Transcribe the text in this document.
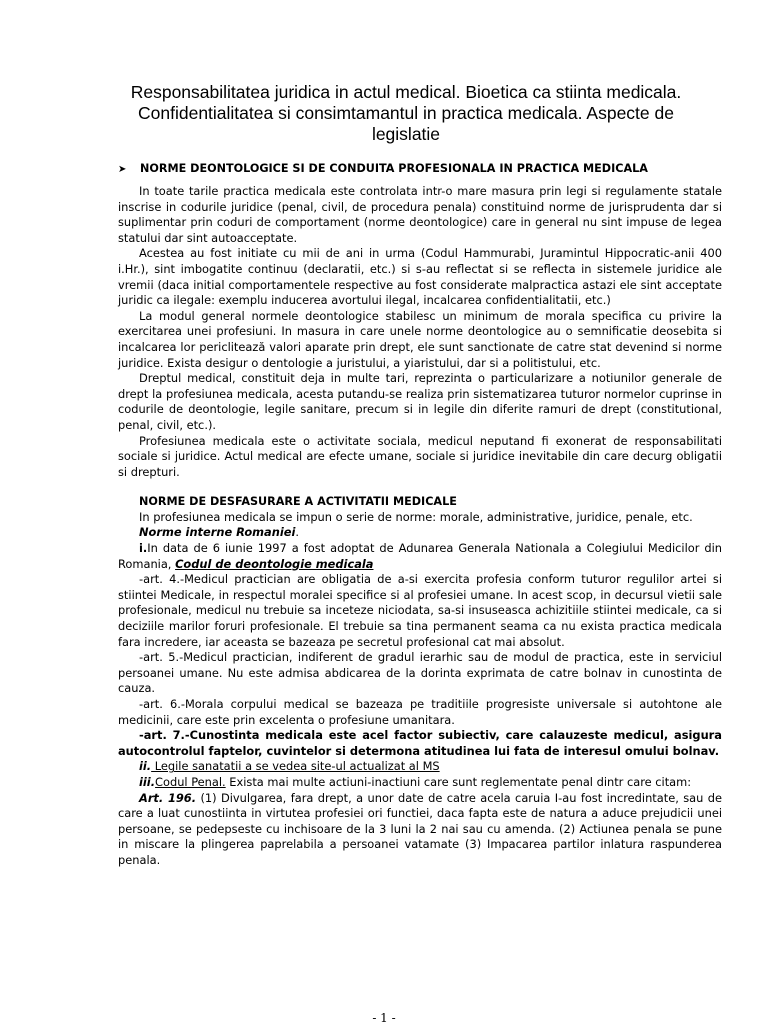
Responsabilitatea juridica in actul medical. Bioetica ca stiinta medicala.
Confidentialitatea si consimtamantul in practica medicala. Aspecte de
legislatie
➤ NORME DEONTOLOGICE SI DE CONDUITA PROFESIONALA IN PRACTICA MEDICALA

In toate tarile practica medicala este controlata intr-o mare masura prin legi si regulamente statale inscrise in codurile juridice (penal, civil, de procedura penala) constituind norme de jurisprudenta dar si suplimentar prin coduri de comportament (norme deontologice) care in general nu sint impuse de legea statului dar sint autoacceptate.

Acestea au fost initiate cu mii de ani in urma (Codul Hammurabi, Juramintul Hippocratic-anii 400 i.Hr.), sint imbogatite continuu (declaratii, etc.) si s-au reflectat si se reflecta in sistemele juridice ale vremii (daca initial comportamentele respective au fost considerate malpractica astazi ele sint acceptate juridic ca ilegale: exemplu inducerea avortului ilegal, incalcarea confidentialitatii, etc.)

La modul general normele deontologice stabilesc un minimum de morala specifica cu privire la exercitarea unei profesiuni. In masura in care unele norme deontologice au o semnificatie deosebita si incalcarea lor periclitează valori aparate prin drept, ele sunt sanctionate de catre stat devenind si norme juridice. Exista desigur o dentologie a juristului, a yiaristului, dar si a politistului, etc.

Dreptul medical, constituit deja in multe tari, reprezinta o particularizare a notiunilor generale de drept la profesiunea medicala, acesta putandu-se realiza prin sistematizarea tuturor normelor cuprinse in codurile de deontologie, legile sanitare, precum si in legile din diferite ramuri de drept (constitutional, penal, civil, etc.).

Profesiunea medicala este o activitate sociala, medicul neputand fi exonerat de responsabilitati sociale si juridice. Actul medical are efecte umane, sociale si juridice inevitabile din care decurg obligatii si drepturi.

NORME DE DESFASURARE A ACTIVITATII MEDICALE

In profesiunea medicala se impun o serie de norme: morale, administrative, juridice, penale, etc.

Norme interne Romaniei.

i.In data de 6 iunie 1997 a fost adoptat de Adunarea Generala Nationala a Colegiului Medicilor din Romania, Codul de deontologie medicala

-art. 4.-Medicul practician are obligatia de a-si exercita profesia conform tuturor regulilor artei si stiintei Medicale, in respectul moralei specifice si al profesiei umane. In acest scop, in decursul vietii sale profesionale, medicul nu trebuie sa inceteze niciodata, sa-si insuseasca achizitiile stiintei medicale, ca si deciziile marilor foruri profesionale. El trebuie sa tina permanent seama ca nu exista practica medicala fara incredere, iar aceasta se bazeaza pe secretul profesional cat mai absolut.

-art. 5.-Medicul practician, indiferent de gradul ierarhic sau de modul de practica, este in serviciul persoanei umane. Nu este admisa abdicarea de la dorinta exprimata de catre bolnav in cunostinta de cauza.

-art. 6.-Morala corpului medical se bazeaza pe traditiile progresiste universale si autohtone ale medicinii, care este prin excelenta o profesiune umanitara.

-art. 7.-Cunostinta medicala este acel factor subiectiv, care calauzeste medicul, asigura autocontrolul faptelor, cuvintelor si determona atitudinea lui fata de interesul omului bolnav.

ii. Legile sanatatii a se vedea site-ul actualizat al MS

iii.Codul Penal. Exista mai multe actiuni-inactiuni care sunt reglementate penal dintr care citam:

Art. 196. (1) Divulgarea, fara drept, a unor date de catre acela caruia I-au fost incredintate, sau de care a luat cunostiinta in virtutea profesiei ori functiei, daca fapta este de natura a aduce prejudicii unei persoane, se pedepseste cu inchisoare de la 3 luni la 2 nai sau cu amenda. (2) Actiunea penala se pune in miscare la plingerea paprelabila a persoanei vatamate (3) Impacarea partilor inlatura raspunderea penala.

- 1 -
